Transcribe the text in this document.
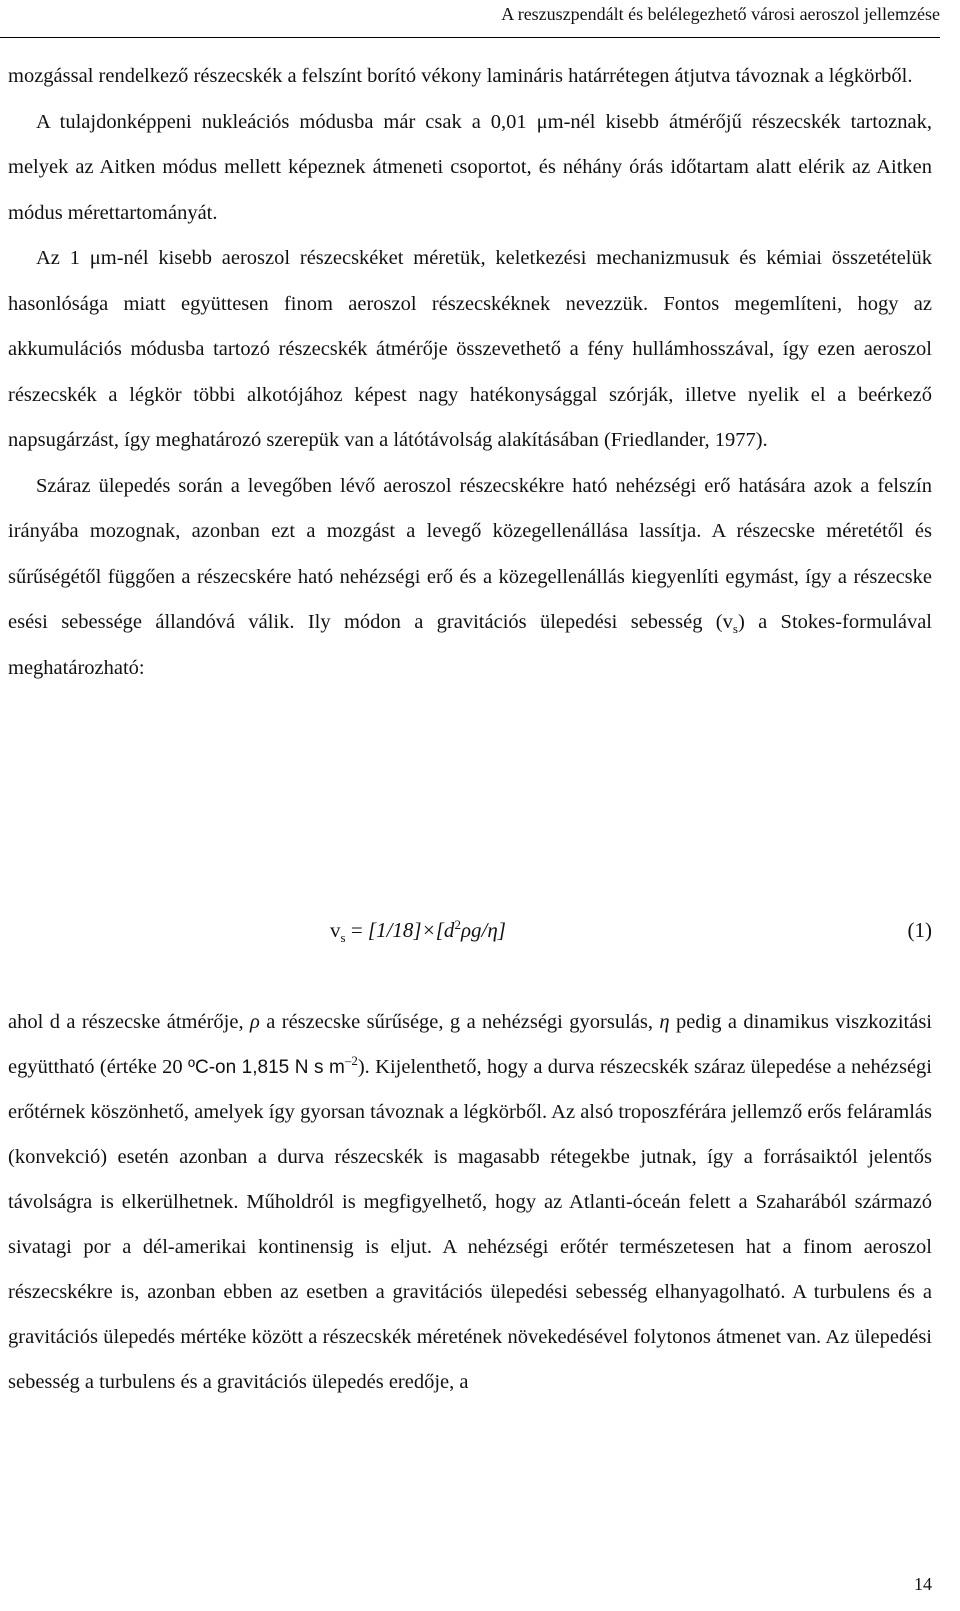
A reszuszpendált és belélegezhető városi aeroszol jellemzése

mozgással rendelkező részecskék a felszínt borító vékony lamináris határrétegen átjutva távoznak a légkörből.

A tulajdonképpeni nukleációs módusba már csak a 0,01 μm-nél kisebb átmérőjű részecskék tartoznak, melyek az Aitken módus mellett képeznek átmeneti csoportot, és néhány órás időtartam alatt elérik az Aitken módus mérettartományát.

Az 1 μm-nél kisebb aeroszol részecskéket méretük, keletkezési mechanizmusuk és kémiai összetételük hasonlósága miatt együttesen finom aeroszol részecskéknek nevezzük. Fontos megemlíteni, hogy az akkumulációs módusba tartozó részecskék átmérője összevethető a fény hullámhosszával, így ezen aeroszol részecskék a légkör többi alkotójához képest nagy hatékonysággal szórják, illetve nyelik el a beérkező napsugárzást, így meghatározó szerepük van a látótávolság alakításában (Friedlander, 1977).

Száraz ülepedés során a levegőben lévő aeroszol részecskékre ható nehézségi erő hatására azok a felszín irányába mozognak, azonban ezt a mozgást a levegő közegellenállása lassítja. A részecske méretétől és sűrűségétől függően a részecskére ható nehézségi erő és a közegellenállás kiegyenlíti egymást, így a részecske esési sebessége állandóvá válik. Ily módon a gravitációs ülepedési sebesség $(v_s)$ a Stokes-formulával meghatározható:

$v_s = [1/18]\times[d^2\rho g/\eta]$	(1)

ahol d a részecske átmérője, ρ a részecske sűrűsége, g a nehézségi gyorsulás, η pedig a dinamikus viszkozitási együttható (értéke 20 ºC-on 1,815 N s $m^{-2}$). Kijelenthető, hogy a durva részecskék száraz ülepedése a nehézségi erőtérnek köszönhető, amelyek így gyorsan távoznak a légkörből. Az alsó troposzférára jellemző erős feláramlás (konvekció) esetén azonban a durva részecskék is magasabb rétegekbe jutnak, így a forrásaiktól jelentős távolságra is elkerülhetnek. Műholdról is megfigyelhető, hogy az Atlanti-óceán felett a Szaharából származó sivatagi por a dél-amerikai kontinensig is eljut. A nehézségi erőtér természetesen hat a finom aeroszol részecskékre is, azonban ebben az esetben a gravitációs ülepedési sebesség elhanyagolható. A turbulens és a gravitációs ülepedés mértéke között a részecskék méretének növekedésével folytonos átmenet van. Az ülepedési sebesség a turbulens és a gravitációs ülepedés eredője, a

14
